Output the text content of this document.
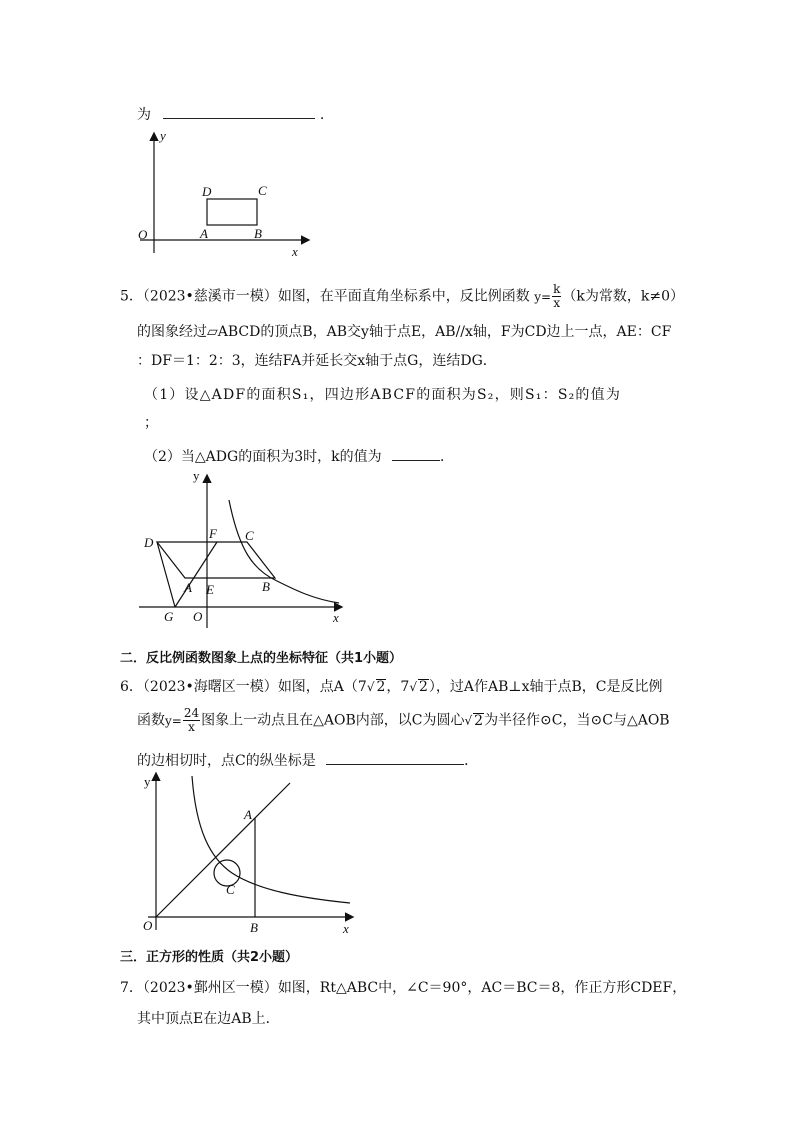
为	.
y
x
O	A	B
C
D
5．（2023•慈溪市一模）如图，在平面直角坐标系中，反比例函数 $y= \frac{k}{x} (k$为常数，k≠0）
的图象经过▱ABCD的顶点B，AB交y轴于点E，AB//x轴，F为CD边上一点，AE：CF
：DF＝1：2：3，连结FA并延长交x轴于点G，连结DG．
（1）设△ADF的面积S₁，四边形ABCF的面积为S₂，则S₁：S₂的值为
；
（2）当△ADG的面积为3时，k的值为	．
y
x
O
A	B
C
D
E
F
G
二．反比例函数图象上点的坐标特征（共1小题）
6．（2023•海曙区一模）如图，点A（7√ 2，7√ 2），过A作AB⊥x轴于点B，C是反比例
函数$y= \frac{24}{x}$ 图象上一动点且在△AOB内部，以C为圆心√ 2为半径作⊙C，当⊙C与△AOB
的边相切时，点C的纵坐标是	．
y
x
O
A
B
C
三．正方形的性质（共2小题）
7．（2023•鄞州区一模）如图，Rt△ABC中，∠C＝90°，AC＝BC＝8，作正方形CDEF，
其中顶点E在边AB上．
